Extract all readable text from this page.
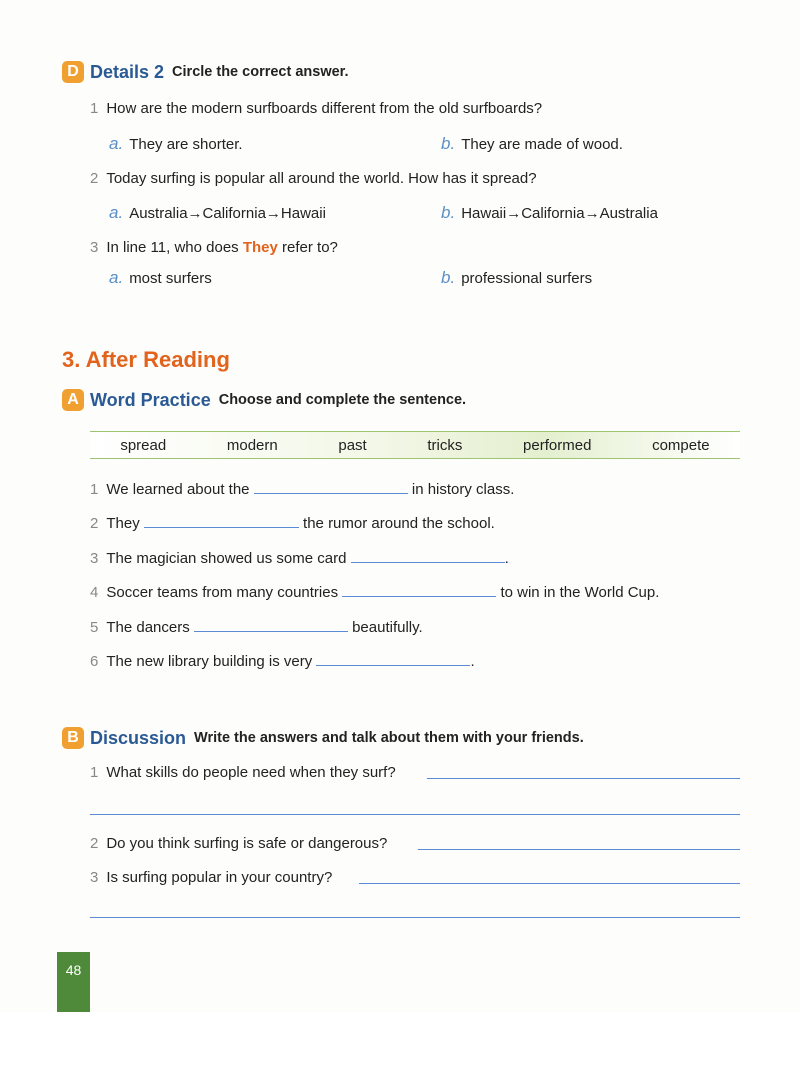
D Details 2 Circle the correct answer.
1 How are the modern surfboards different from the old surfboards?
a. They are shorter.	b. They are made of wood.
2 Today surfing is popular all around the world. How has it spread?
a. Australia→California→Hawaii	b. Hawaii→California→Australia
3 In line 11, who does They refer to?
a. most surfers	b. professional surfers
3. After Reading
A Word Practice Choose and complete the sentence.
spread	modern	past	tricks	performed	compete
1 We learned about the	in history class.
2 They	the rumor around the school.
3 The magician showed us some card	.
4 Soccer teams from many countries	to win in the World Cup.
5 The dancers	beautifully.
6 The new library building is very	.
B Discussion Write the answers and talk about them with your friends.
1 What skills do people need when they surf?
2 Do you think surfing is safe or dangerous?
3 Is surfing popular in your country?
48
